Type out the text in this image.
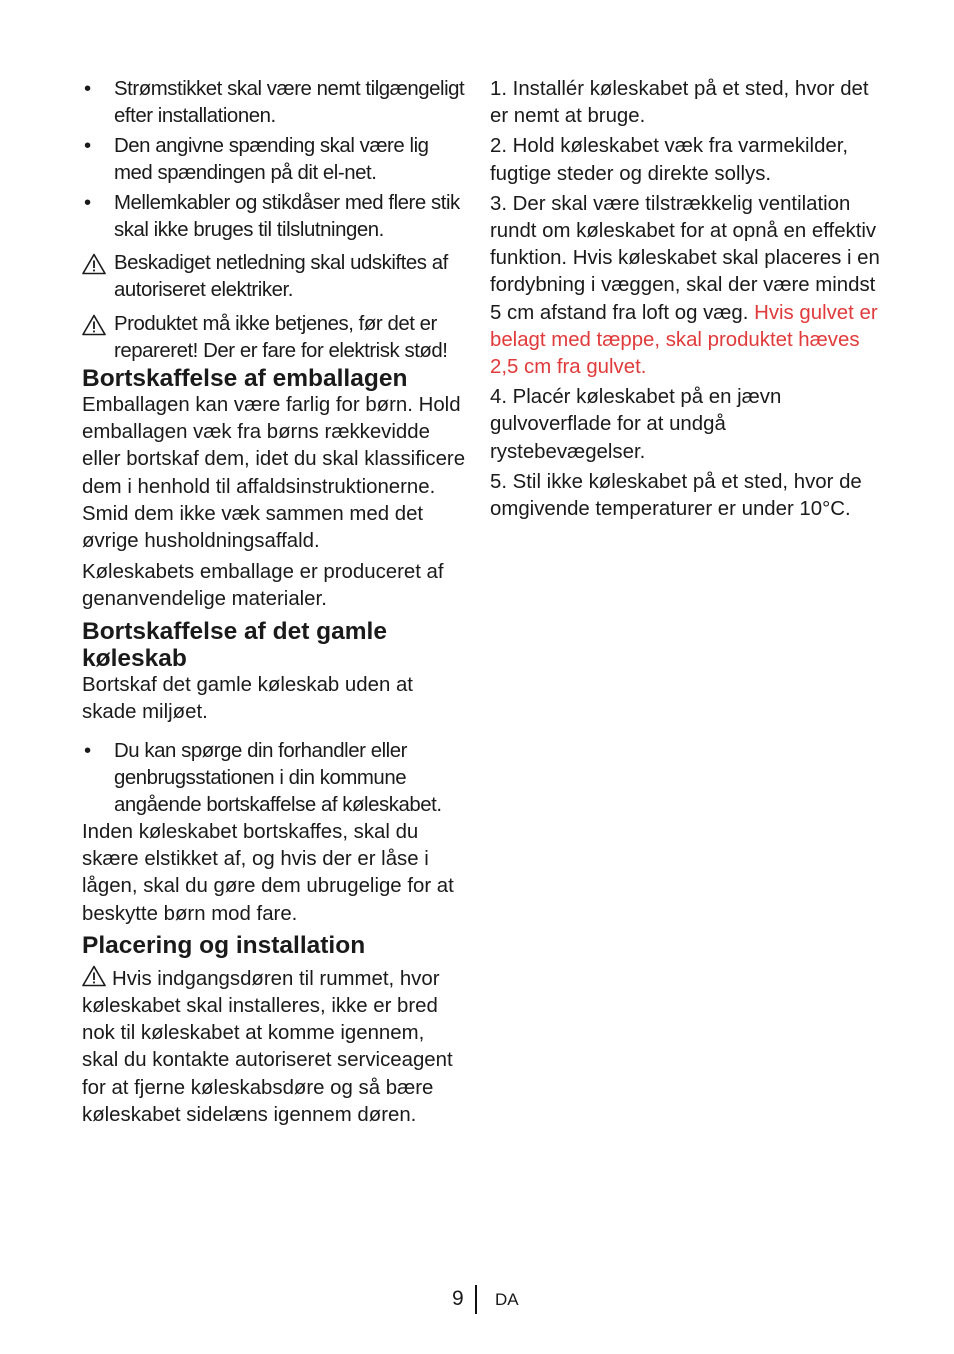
• Strømstikket skal være nemt tilgængeligt efter installationen.
• Den angivne spænding skal være lig med spændingen på dit el-net.
• Mellemkabler og stikdåser med flere stik skal ikke bruges til tilslutningen.
Beskadiget netledning skal udskiftes af autoriseret elektriker.
Produktet må ikke betjenes, før det er repareret! Der er fare for elektrisk stød!
Bortskaffelse af emballagen

Emballagen kan være farlig for børn. Hold emballagen væk fra børns rækkevidde eller bortskaf dem, idet du skal klassificere dem i henhold til affaldsinstruktionerne. Smid dem ikke væk sammen med det øvrige husholdningsaffald.

Køleskabets emballage er produceret af genanvendelige materialer.

Bortskaffelse af det gamle køleskab

Bortskaf det gamle køleskab uden at skade miljøet.

• Du kan spørge din forhandler eller genbrugsstationen i din kommune angående bortskaffelse af køleskabet.

Inden køleskabet bortskaffes, skal du skære elstikket af, og hvis der er låse i lågen, skal du gøre dem ubrugelige for at beskytte børn mod fare.

Placering og installation

Hvis indgangsdøren til rummet, hvor køleskabet skal installeres, ikke er bred nok til køleskabet at komme igennem, skal du kontakte autoriseret serviceagent for at fjerne køleskabsdøre og så bære køleskabet sidelæns igennem døren.

1. Installér køleskabet på et sted, hvor det er nemt at bruge.

2. Hold køleskabet væk fra varmekilder, fugtige steder og direkte sollys.

3. Der skal være tilstrækkelig ventilation rundt om køleskabet for at opnå en effektiv funktion. Hvis køleskabet skal placeres i en fordybning i væggen, skal der være mindst 5 cm afstand fra loft og væg. Hvis gulvet er belagt med tæppe, skal produktet hæves 2,5 cm fra gulvet.

4. Placér køleskabet på en jævn gulvoverflade for at undgå rystebevægelser.

5. Stil ikke køleskabet på et sted, hvor de omgivende temperaturer er under 10°C.

9 DA
